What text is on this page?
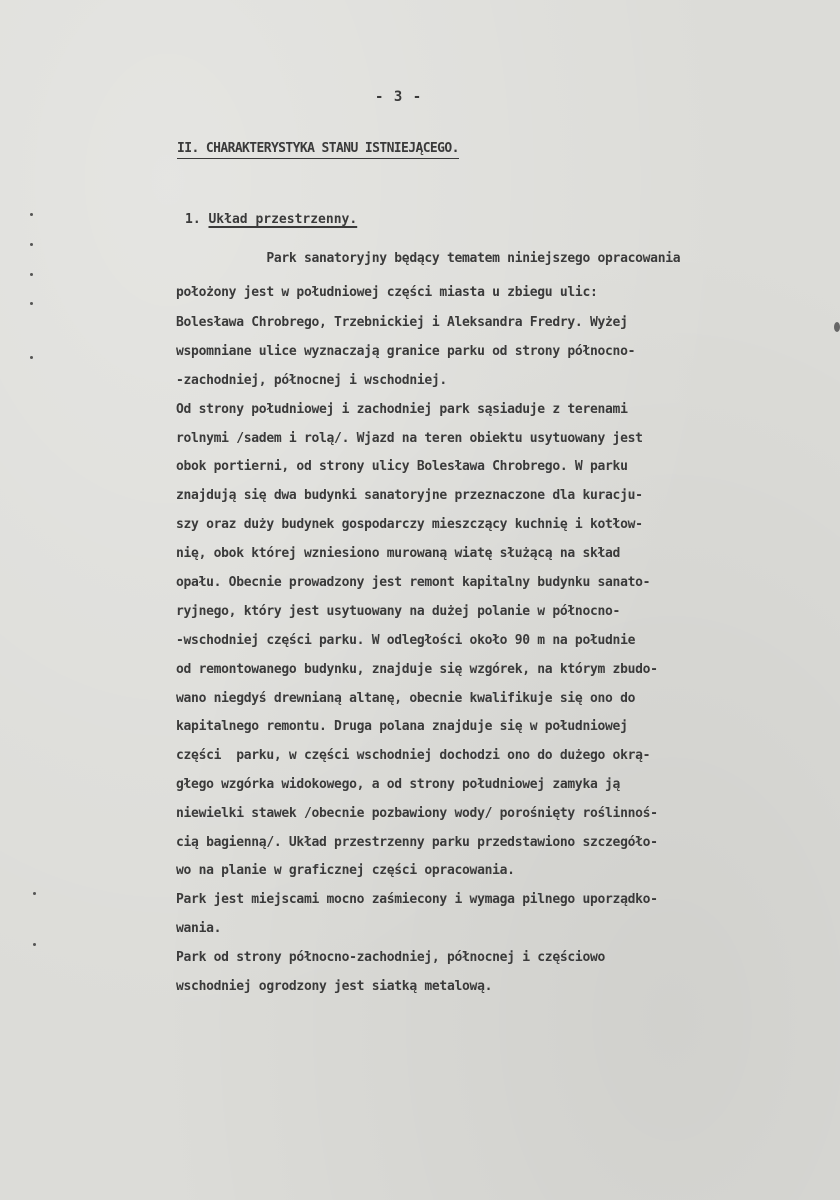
- 3 -
II. CHARAKTERYSTYKA STANU ISTNIEJĄCEGO.
1. Układ przestrzenny.
Park sanatoryjny będący tematem niniejszego opracowania
położony jest w południowej części miasta u zbiegu ulic:
Bolesława Chrobrego, Trzebnickiej i Aleksandra Fredry. Wyżej
wspomniane ulice wyznaczają granice parku od strony północno-
-zachodniej, północnej i wschodniej.
Od strony południowej i zachodniej park sąsiaduje z terenami
rolnymi /sadem i rolą/. Wjazd na teren obiektu usytuowany jest
obok portierni, od strony ulicy Bolesława Chrobrego. W parku
znajdują się dwa budynki sanatoryjne przeznaczone dla kuracju-
szy oraz duży budynek gospodarczy mieszczący kuchnię i kotłow-
nię, obok której wzniesiono murowaną wiatę służącą na skład
opału. Obecnie prowadzony jest remont kapitalny budynku sanato-
ryjnego, który jest usytuowany na dużej polanie w północno-
-wschodniej części parku. W odległości około 90 m na południe
od remontowanego budynku, znajduje się wzgórek, na którym zbudo-
wano niegdyś drewnianą altanę, obecnie kwalifikuje się ono do
kapitalnego remontu. Druga polana znajduje się w południowej
części  parku, w części wschodniej dochodzi ono do dużego okrą-
głego wzgórka widokowego, a od strony południowej zamyka ją
niewielki stawek /obecnie pozbawiony wody/ porośnięty roślinnoś-
cią bagienną/. Układ przestrzenny parku przedstawiono szczegóło-
wo na planie w graficznej części opracowania.
Park jest miejscami mocno zaśmiecony i wymaga pilnego uporządko-
wania.
Park od strony północno-zachodniej, północnej i częściowo
wschodniej ogrodzony jest siatką metalową.
